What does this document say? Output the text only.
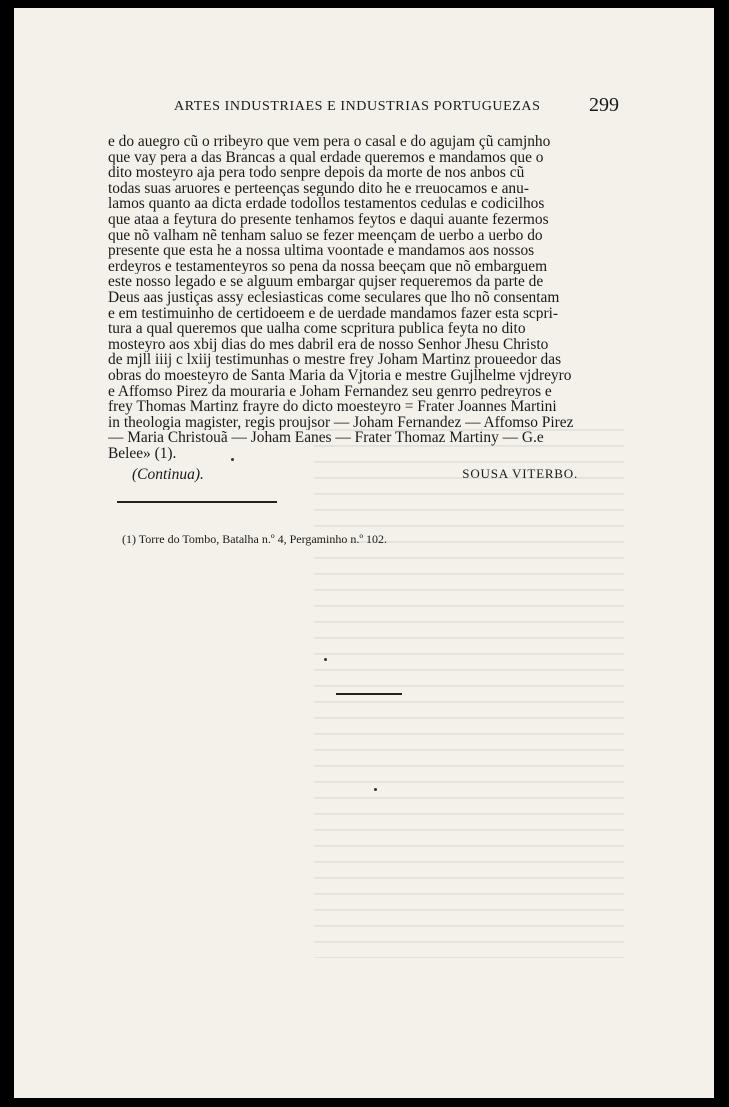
ARTES INDUSTRIAES E INDUSTRIAS PORTUGUEZAS 299
e do auegro cũ o rribeyro que vem pera o casal e do agujam çũ camjnho
que vay pera a das Brancas a qual erdade queremos e mandamos que o
dito mosteyro aja pera todo senpre depois da morte de nos anbos cũ
todas suas aruores e perteenças segundo dito he e rreuocamos e anu-
lamos quanto aa dicta erdade todollos testamentos cedulas e codicilhos
que ataa a feytura do presente tenhamos feytos e daqui auante fezermos
que nõ valham nẽ tenham saluo se fezer meençam de uerbo a uerbo do
presente que esta he a nossa ultima voontade e mandamos aos nossos
erdeyros e testamenteyros so pena da nossa beeçam que nõ embarguem
este nosso legado e se alguum embargar qujser requeremos da parte de
Deus aas justiças assy eclesiasticas come seculares que lho nõ consentam
e em testimuinho de certidoeem e de uerdade mandamos fazer esta scpri-
tura a qual queremos que ualha come scpritura publica feyta no dito
mosteyro aos xbij dias do mes dabril era de nosso Senhor Jhesu Christo
de mjll iiij c lxiij testimunhas o mestre frey Joham Martinz proueedor das
obras do moesteyro de Santa Maria da Vjtoria e mestre Gujlhelme vjdreyro
e Affomso Pirez da mouraria e Joham Fernandez seu genrro pedreyros e
frey Thomas Martinz frayre do dicto moesteyro = Frater Joannes Martini
in theologia magister, regis proujsor — Joham Fernandez — Affomso Pirez
— Maria Christouã — Joham Eanes — Frater Thomaz Martiny — G.e
Belee» (1).
(Continua).	SOUSA VITERBO.
(1) Torre do Tombo, Batalha n.º 4, Pergaminho n.º 102.
